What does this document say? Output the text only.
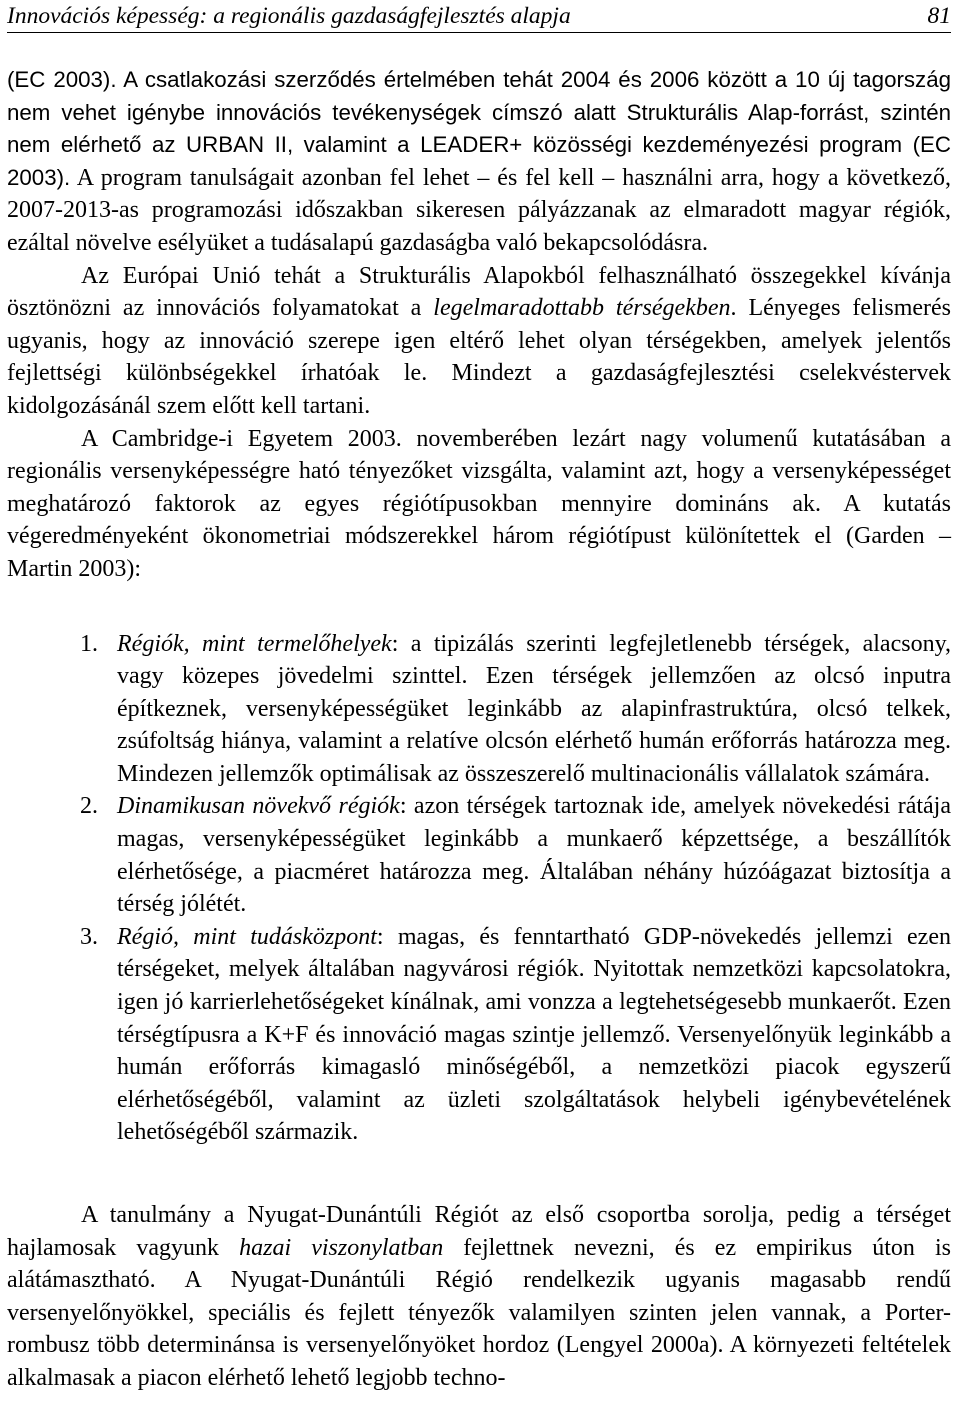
Innovációs képesség: a regionális gazdaságfejlesztés alapja	81

(EC 2003). A csatlakozási szerződés értelmében tehát 2004 és 2006 között a 10 új tagország nem vehet igénybe innovációs tevékenységek címszó alatt Strukturális Alap-forrást, szintén nem elérhető az URBAN II, valamint a LEADER+ közösségi kezdeményezési program (EC 2003). A program tanulságait azonban fel lehet – és fel kell – használni arra, hogy a következő, 2007-2013-as programozási időszakban sikeresen pályázzanak az elmaradott magyar régiók, ezáltal növelve esélyüket a tudásalapú gazdaságba való bekapcsolódásra.

Az Európai Unió tehát a Strukturális Alapokból felhasználható összegekkel kívánja ösztönözni az innovációs folyamatokat a legelmaradottabb térségekben. Lényeges felismerés ugyanis, hogy az innováció szerepe igen eltérő lehet olyan térségekben, amelyek jelentős fejlettségi különbségekkel írhatóak le. Mindezt a gazdaságfejlesztési cselekvéstervek kidolgozásánál szem előtt kell tartani.

A Cambridge-i Egyetem 2003. novemberében lezárt nagy volumenű kutatásában a regionális versenyképességre ható tényezőket vizsgálta, valamint azt, hogy a versenyképességet meghatározó faktorok az egyes régiótípusokban mennyire domináns ak. A kutatás végeredményeként ökonometriai módszerekkel három régiótípust különítettek el (Garden – Martin 2003):

1. Régiók, mint termelőhelyek: a tipizálás szerinti legfejletlenebb térségek, alacsony, vagy közepes jövedelmi szinttel. Ezen térségek jellemzően az olcsó inputra építkeznek, versenyképességüket leginkább az alapinfrastruktúra, olcsó telkek, zsúfoltság hiánya, valamint a relatíve olcsón elérhető humán erőforrás határozza meg. Mindezen jellemzők optimálisak az összeszerelő multinacionális vállalatok számára.
2. Dinamikusan növekvő régiók: azon térségek tartoznak ide, amelyek növekedési rátája magas, versenyképességüket leginkább a munkaerő képzettsége, a beszállítók elérhetősége, a piacméret határozza meg. Általában néhány húzóágazat biztosítja a térség jólétét.
3. Régió, mint tudásközpont: magas, és fenntartható GDP-növekedés jellemzi ezen térségeket, melyek általában nagyvárosi régiók. Nyitottak nemzetközi kapcsolatokra, igen jó karrierlehetőségeket kínálnak, ami vonzza a legtehetségesebb munkaerőt. Ezen térségtípusra a K+F és innováció magas szintje jellemző. Versenyelőnyük leginkább a humán erőforrás kimagasló minőségéből, a nemzetközi piacok egyszerű elérhetőségéből, valamint az üzleti szolgáltatások helybeli igénybevételének lehetőségéből származik.

A tanulmány a Nyugat-Dunántúli Régiót az első csoportba sorolja, pedig a térséget hajlamosak vagyunk hazai viszonylatban fejlettnek nevezni, és ez empirikus úton is alátámasztható. A Nyugat-Dunántúli Régió rendelkezik ugyanis magasabb rendű versenyelőnyökkel, speciális és fejlett tényezők valamilyen szinten jelen vannak, a Porter-rombusz több determinánsa is versenyelőnyöket hordoz (Lengyel 2000a). A környezeti feltételek alkalmasak a piacon elérhető lehető legjobb techno-
